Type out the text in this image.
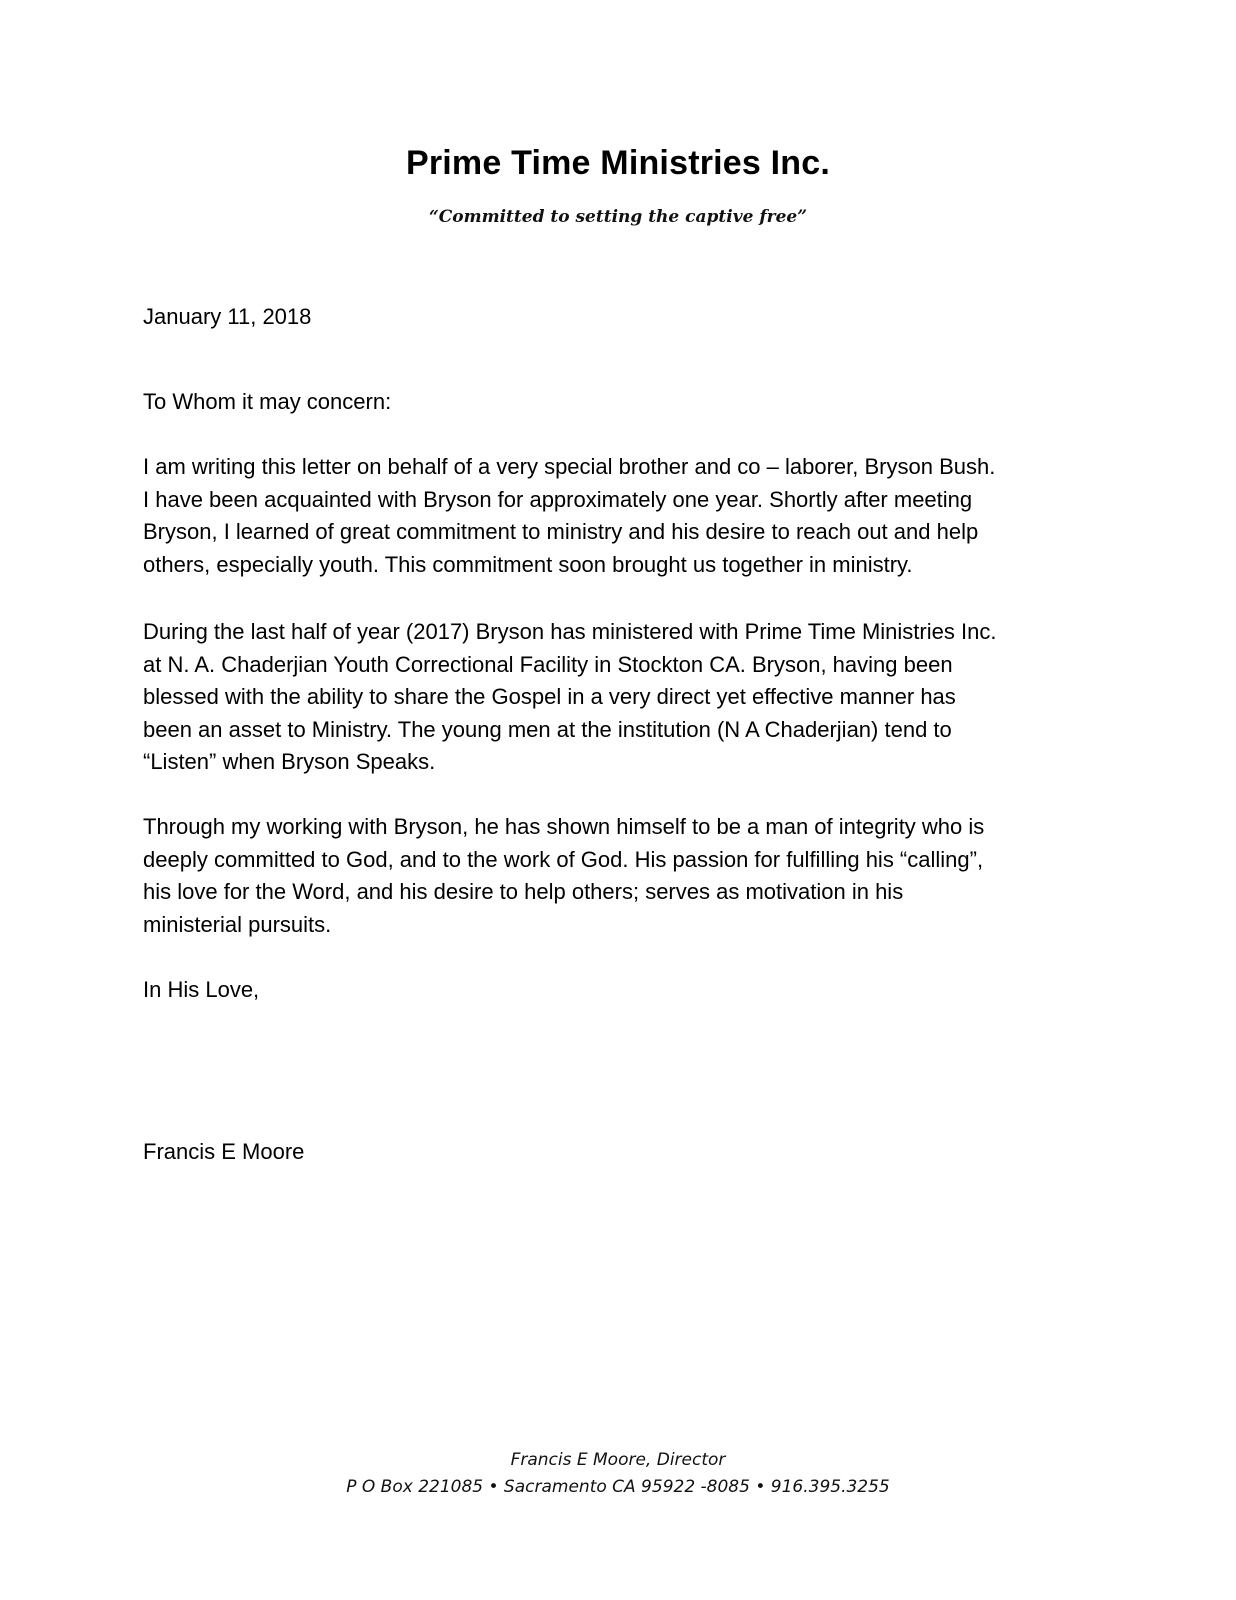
Prime Time Ministries Inc.
“Committed to setting the captive free”
January 11, 2018
To Whom it may concern:
I am writing this letter on behalf of a very special brother and co – laborer, Bryson Bush.
I have been acquainted with Bryson for approximately one year. Shortly after meeting
Bryson, I learned of great commitment to ministry and his desire to reach out and help
others, especially youth. This commitment soon brought us together in ministry.
During the last half of year (2017) Bryson has ministered with Prime Time Ministries Inc.
at N. A. Chaderjian Youth Correctional Facility in Stockton CA. Bryson, having been
blessed with the ability to share the Gospel in a very direct yet effective manner has
been an asset to Ministry. The young men at the institution (N A Chaderjian) tend to
“Listen” when Bryson Speaks.
Through my working with Bryson, he has shown himself to be a man of integrity who is
deeply committed to God, and to the work of God. His passion for fulfilling his “calling”,
his love for the Word, and his desire to help others; serves as motivation in his
ministerial pursuits.
In His Love,
Francis E Moore
Francis E Moore, Director
P O Box 221085 • Sacramento CA 95922 -8085 • 916.395.3255
